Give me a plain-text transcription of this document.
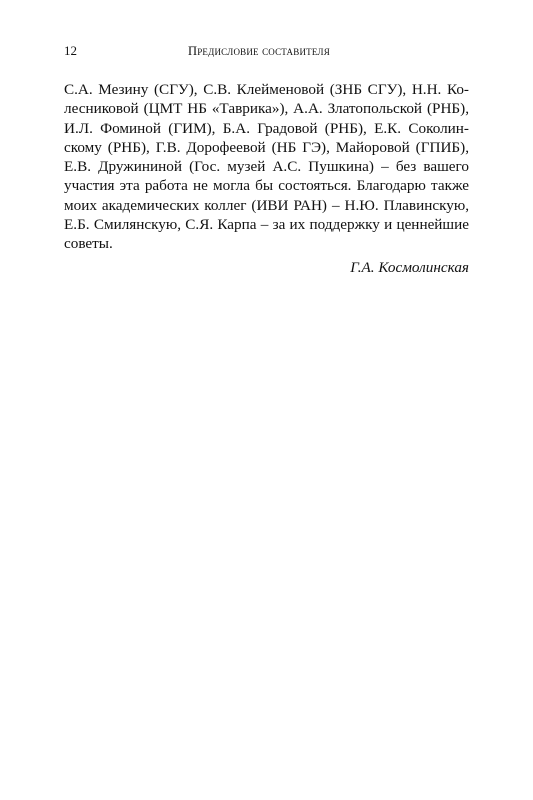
12	Предисловие составителя
С.А. Мезину (СГУ), С.В. Клейменовой (ЗНБ СГУ), Н.Н. Ко-
лесниковой (ЦМТ НБ «Таврика»), А.А. Златопольской (РНБ),
И.Л. Фоминой (ГИМ), Б.А. Градовой (РНБ), Е.К. Соколин-
скому (РНБ), Г.В. Дорофеевой (НБ ГЭ), Майоровой (ГПИБ),
Е.В. Дружининой (Гос. музей А.С. Пушкина) – без вашего
участия эта работа не могла бы состояться. Благодарю также
моих академических коллег (ИВИ РАН) – Н.Ю. Плавинскую,
Е.Б. Смилянскую, С.Я. Карпа – за их поддержку и ценнейшие
советы.
Г.А. Космолинская
